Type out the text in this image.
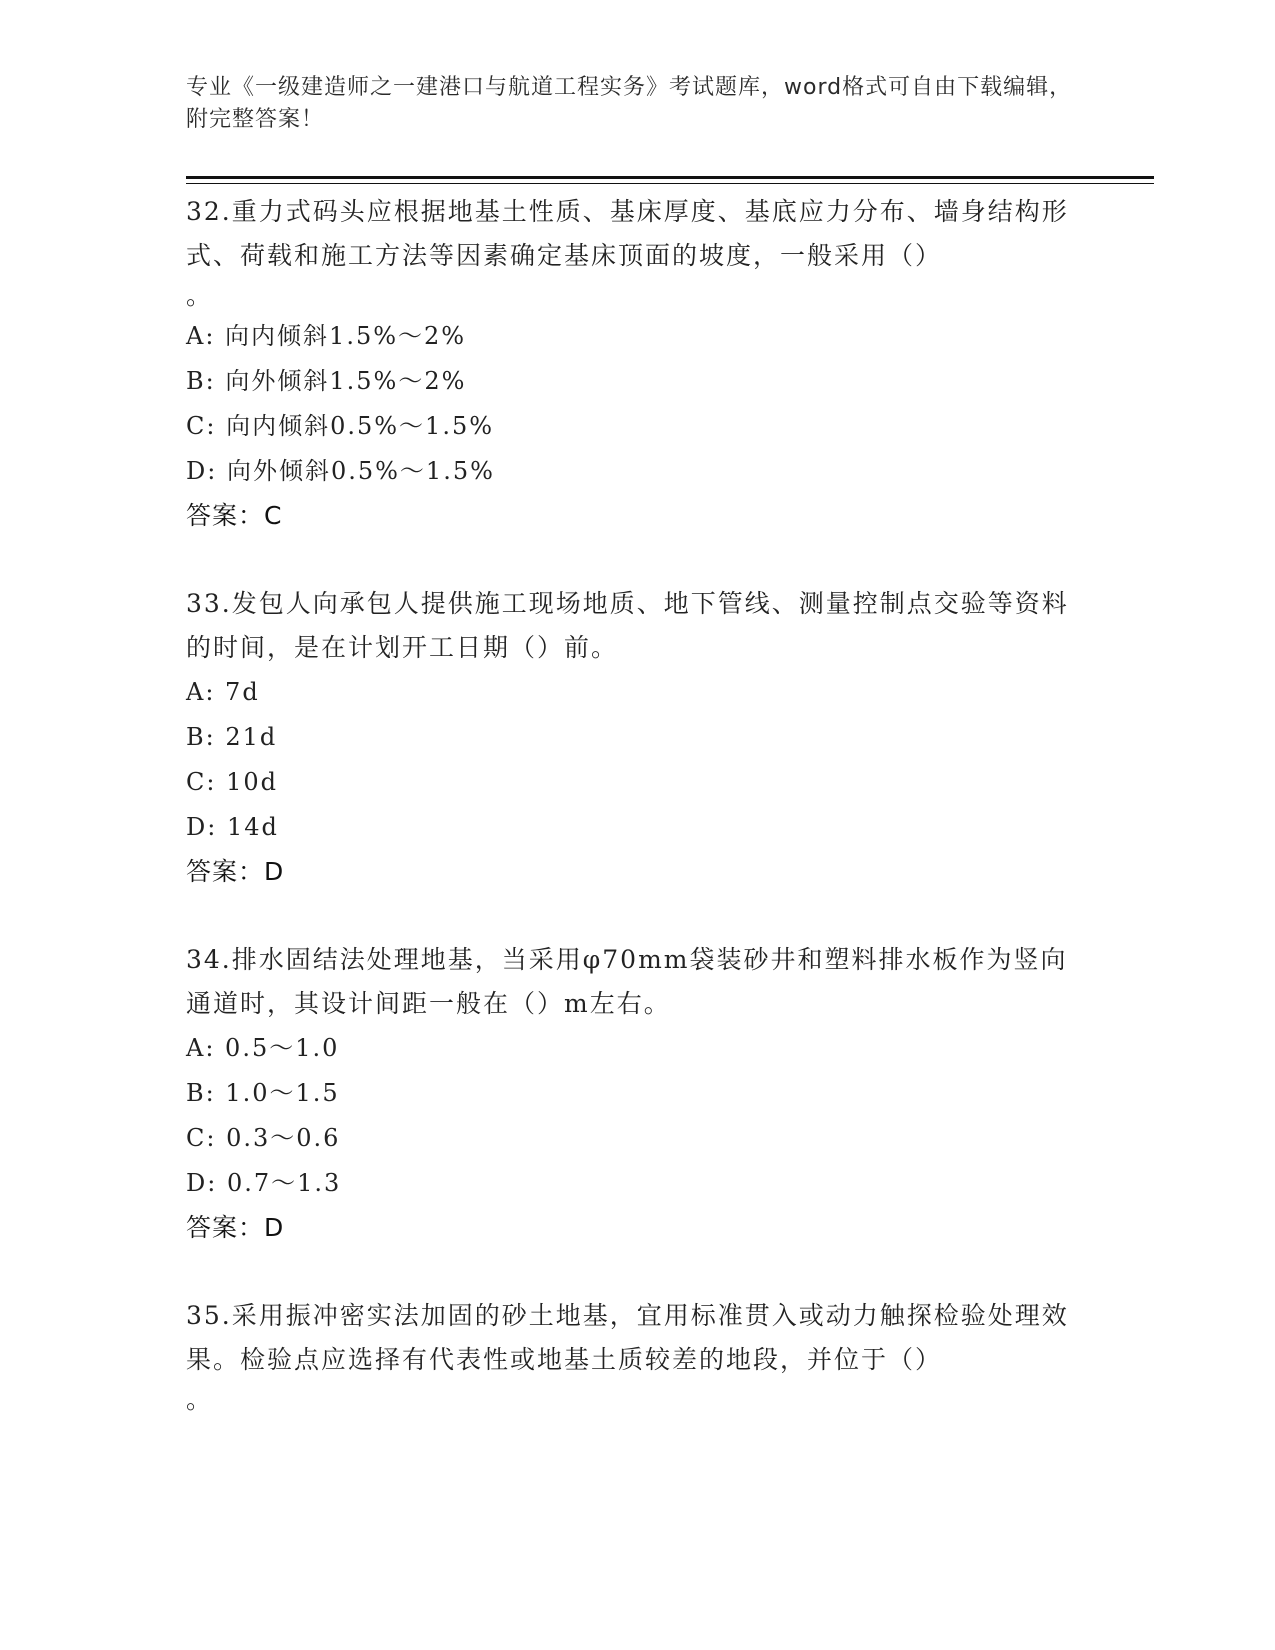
专业《一级建造师之一建港口与航道工程实务》考试题库，word格式可自由下载编辑，附完整答案！
32.重力式码头应根据地基土性质、基床厚度、基底应力分布、墙身结构形式、荷载和施工方法等因素确定基床顶面的坡度，一般采用（）
。
A: 向内倾斜1.5%～2%
B: 向外倾斜1.5%～2%
C: 向内倾斜0.5%～1.5%
D: 向外倾斜0.5%～1.5%
答案：C
33.发包人向承包人提供施工现场地质、地下管线、测量控制点交验等资料的时间，是在计划开工日期（）前。
A: 7d
B: 21d
C: 10d
D: 14d
答案：D
34.排水固结法处理地基，当采用φ70mm袋装砂井和塑料排水板作为竖向通道时，其设计间距一般在（）m左右。
A: 0.5～1.0
B: 1.0～1.5
C: 0.3～0.6
D: 0.7～1.3
答案：D
35.采用振冲密实法加固的砂土地基，宜用标准贯入或动力触探检验处理效果。检验点应选择有代表性或地基土质较差的地段，并位于（）
。
